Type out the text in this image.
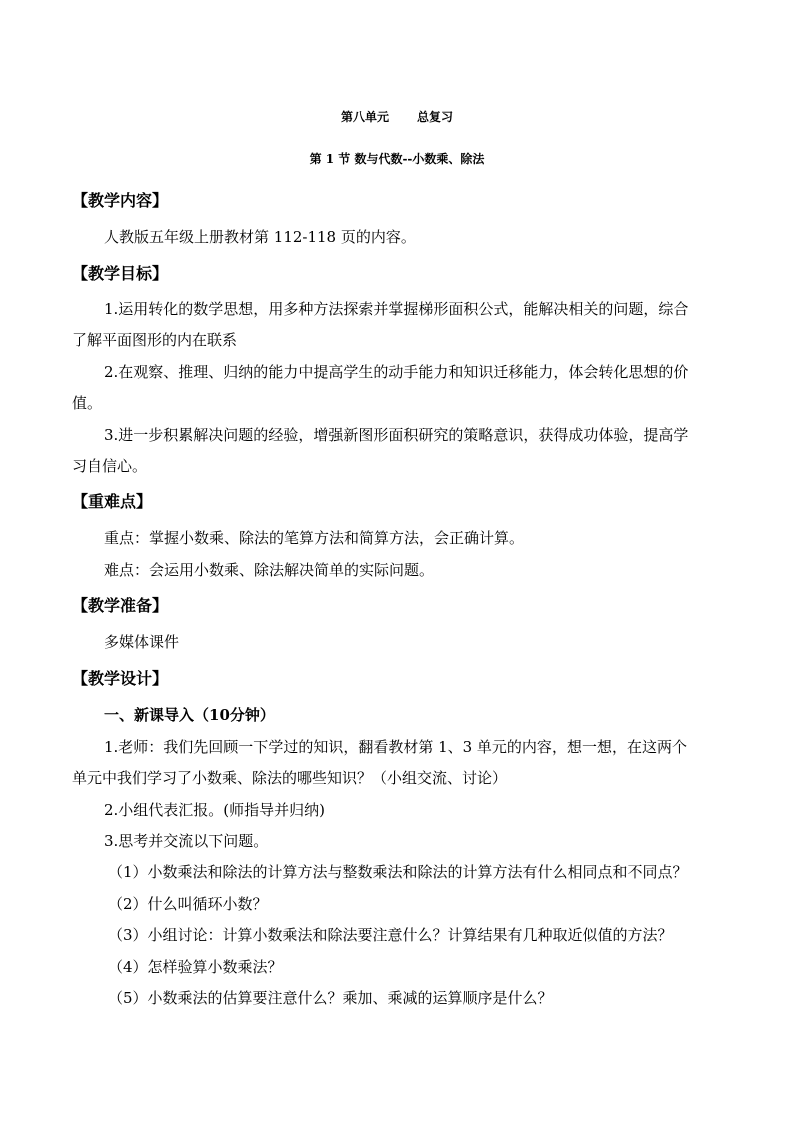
第八单元 总复习
第 1 节 数与代数--小数乘、除法
【教学内容】
人教版五年级上册教材第 112-118 页的内容。
【教学目标】
1.运用转化的数学思想，用多种方法探索并掌握梯形面积公式，能解决相关的问题，综合
了解平面图形的内在联系
2.在观察、推理、归纳的能力中提高学生的动手能力和知识迁移能力，体会转化思想的价
值。
3.进一步积累解决问题的经验，增强新图形面积研究的策略意识，获得成功体验，提高学
习自信心。
【重难点】
重点：掌握小数乘、除法的笔算方法和简算方法，会正确计算。
难点：会运用小数乘、除法解决简单的实际问题。
【教学准备】
多媒体课件
【教学设计】
一、新课导入（10分钟）
1.老师：我们先回顾一下学过的知识，翻看教材第 1、3 单元的内容，想一想，在这两个
单元中我们学习了小数乘、除法的哪些知识？（小组交流、讨论）
2.小组代表汇报。(师指导并归纳)
3.思考并交流以下问题。
（1）小数乘法和除法的计算方法与整数乘法和除法的计算方法有什么相同点和不同点？
（2）什么叫循环小数？
（3）小组讨论：计算小数乘法和除法要注意什么？计算结果有几种取近似值的方法？
（4）怎样验算小数乘法？
（5）小数乘法的估算要注意什么？乘加、乘减的运算顺序是什么？
